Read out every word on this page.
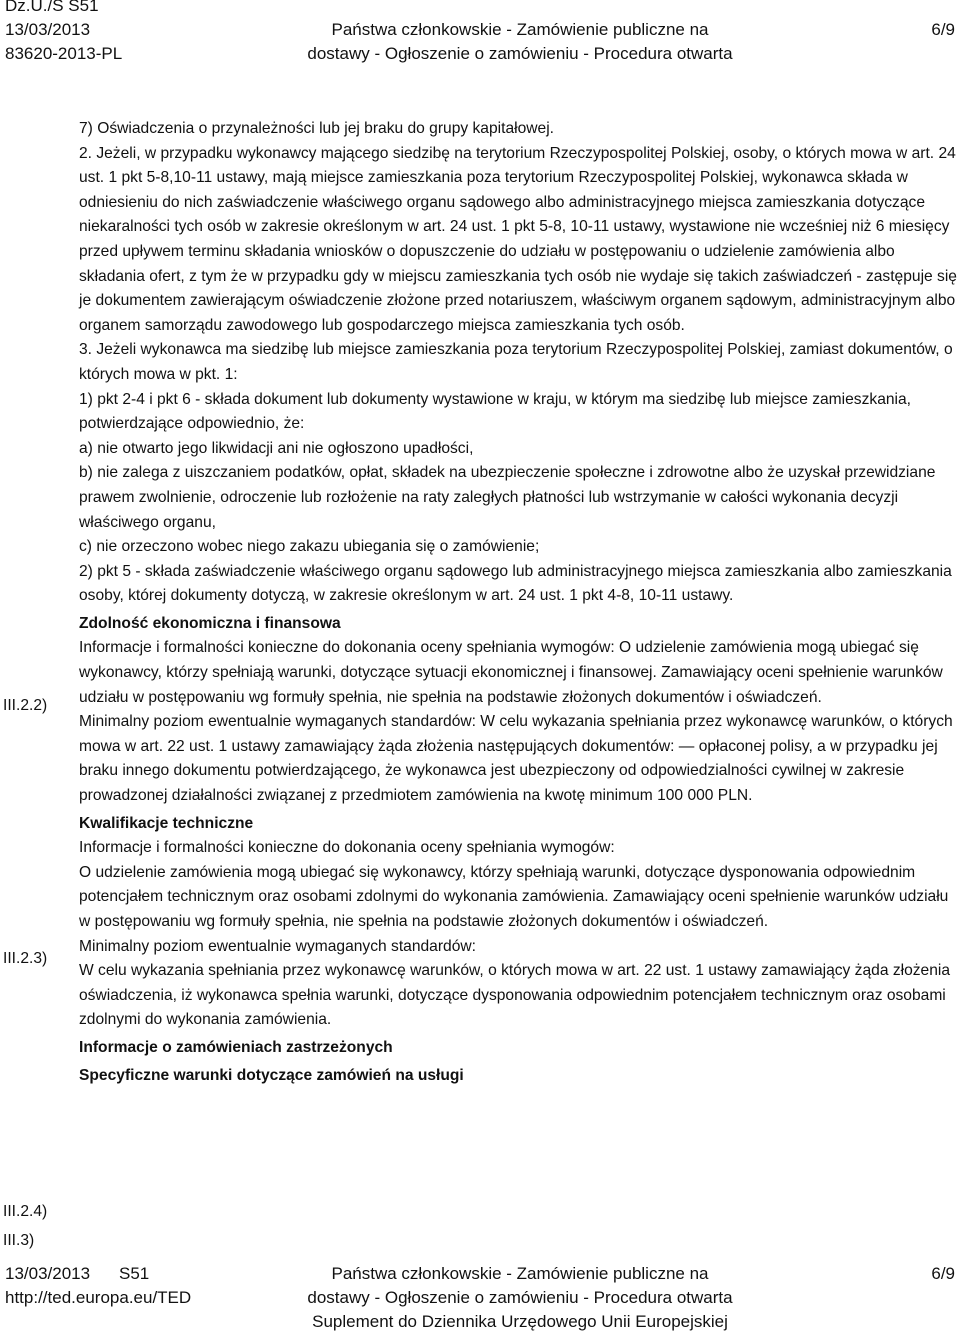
Dz.U./S S51
13/03/2013
83620-2013-PL
Państwa członkowskie - Zamówienie publiczne na
dostawy - Ogłoszenie o zamówieniu - Procedura otwarta
6/9
III.2.2)
III.2.3)
III.2.4)
III.3)

7) Oświadczenia o przynależności lub jej braku do grupy kapitałowej.

2. Jeżeli, w przypadku wykonawcy mającego siedzibę na terytorium Rzeczypospolitej Polskiej, osoby, o których mowa w art. 24 ust. 1 pkt 5-8,10-11 ustawy, mają miejsce zamieszkania poza terytorium Rzeczypospolitej Polskiej, wykonawca składa w odniesieniu do nich zaświadczenie właściwego organu sądowego albo administracyjnego miejsca zamieszkania dotyczące niekaralności tych osób w zakresie określonym w art. 24 ust. 1 pkt 5-8, 10-11 ustawy, wystawione nie wcześniej niż 6 miesięcy przed upływem terminu składania wniosków o dopuszczenie do udziału w postępowaniu o udzielenie zamówienia albo składania ofert, z tym że w przypadku gdy w miejscu zamieszkania tych osób nie wydaje się takich zaświadczeń - zastępuje się je dokumentem zawierającym oświadczenie złożone przed notariuszem, właściwym organem sądowym, administracyjnym albo organem samorządu zawodowego lub gospodarczego miejsca zamieszkania tych osób.

3. Jeżeli wykonawca ma siedzibę lub miejsce zamieszkania poza terytorium Rzeczypospolitej Polskiej, zamiast dokumentów, o których mowa w pkt. 1:

1) pkt 2-4 i pkt 6 - składa dokument lub dokumenty wystawione w kraju, w którym ma siedzibę lub miejsce zamieszkania, potwierdzające odpowiednio, że:

a) nie otwarto jego likwidacji ani nie ogłoszono upadłości,

b) nie zalega z uiszczaniem podatków, opłat, składek na ubezpieczenie społeczne i zdrowotne albo że uzyskał przewidziane prawem zwolnienie, odroczenie lub rozłożenie na raty zaległych płatności lub wstrzymanie w całości wykonania decyzji właściwego organu,

c) nie orzeczono wobec niego zakazu ubiegania się o zamówienie;

2) pkt 5 - składa zaświadczenie właściwego organu sądowego lub administracyjnego miejsca zamieszkania albo zamieszkania osoby, której dokumenty dotyczą, w zakresie określonym w art. 24 ust. 1 pkt 4-8, 10-11 ustawy.

Zdolność ekonomiczna i finansowa

Informacje i formalności konieczne do dokonania oceny spełniania wymogów: O udzielenie zamówienia mogą ubiegać się wykonawcy, którzy spełniają warunki, dotyczące sytuacji ekonomicznej i finansowej. Zamawiający oceni spełnienie warunków udziału w postępowaniu wg formuły spełnia, nie spełnia na podstawie złożonych dokumentów i oświadczeń.

Minimalny poziom ewentualnie wymaganych standardów: W celu wykazania spełniania przez wykonawcę warunków, o których mowa w art. 22 ust. 1 ustawy zamawiający żąda złożenia następujących dokumentów: — opłaconej polisy, a w przypadku jej braku innego dokumentu potwierdzającego, że wykonawca jest ubezpieczony od odpowiedzialności cywilnej w zakresie prowadzonej działalności związanej z przedmiotem zamówienia na kwotę minimum 100 000 PLN.

Kwalifikacje techniczne

Informacje i formalności konieczne do dokonania oceny spełniania wymogów:

O udzielenie zamówienia mogą ubiegać się wykonawcy, którzy spełniają warunki, dotyczące dysponowania odpowiednim potencjałem technicznym oraz osobami zdolnymi do wykonania zamówienia. Zamawiający oceni spełnienie warunków udziału w postępowaniu wg formuły spełnia, nie spełnia na podstawie złożonych dokumentów i oświadczeń.

Minimalny poziom ewentualnie wymaganych standardów:

W celu wykazania spełniania przez wykonawcę warunków, o których mowa w art. 22 ust. 1 ustawy zamawiający żąda złożenia oświadczenia, iż wykonawca spełnia warunki, dotyczące dysponowania odpowiednim potencjałem technicznym oraz osobami zdolnymi do wykonania zamówienia.

Informacje o zamówieniach zastrzeżonych

Specyficzne warunki dotyczące zamówień na usługi

13/03/2013 S51
http://ted.europa.eu/TED
Państwa członkowskie - Zamówienie publiczne na
dostawy - Ogłoszenie o zamówieniu - Procedura otwarta
Suplement do Dziennika Urzędowego Unii Europejskiej
6/9
